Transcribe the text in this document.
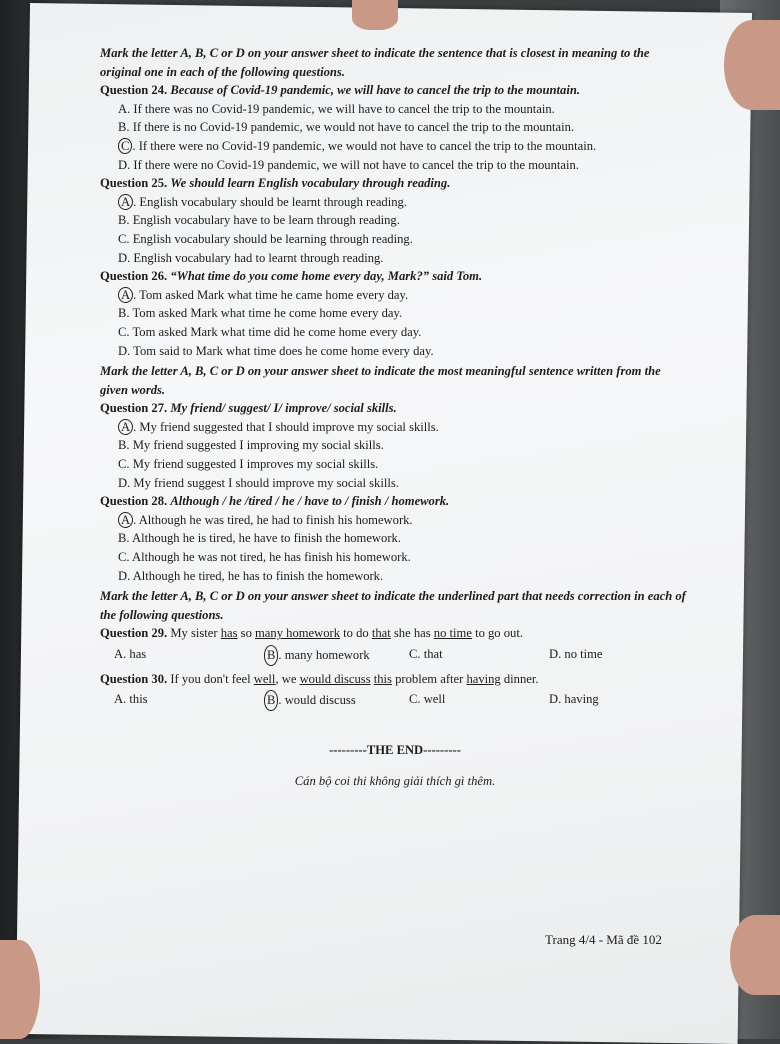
Mark the letter A, B, C or D on your answer sheet to indicate the sentence that is closest in meaning to the original one in each of the following questions.

Question 24. Because of Covid-19 pandemic, we will have to cancel the trip to the mountain.

A. If there was no Covid-19 pandemic, we will have to cancel the trip to the mountain.

B. If there is no Covid-19 pandemic, we would not have to cancel the trip to the mountain.

C . If there were no Covid-19 pandemic, we would not have to cancel the trip to the mountain.

D. If there were no Covid-19 pandemic, we will not have to cancel the trip to the mountain.

Question 25. We should learn English vocabulary through reading.

A . English vocabulary should be learnt through reading.

B. English vocabulary have to be learn through reading.

C. English vocabulary should be learning through reading.

D. English vocabulary had to learnt through reading.

Question 26. “What time do you come home every day, Mark?” said Tom.

A . Tom asked Mark what time he came home every day.

B. Tom asked Mark what time he come home every day.

C. Tom asked Mark what time did he come home every day.

D. Tom said to Mark what time does he come home every day.

Mark the letter A, B, C or D on your answer sheet to indicate the most meaningful sentence written from the given words.

Question 27. My friend/ suggest/ I/ improve/ social skills.

A . My friend suggested that I should improve my social skills.

B. My friend suggested I improving my social skills.

C. My friend suggested I improves my social skills.

D. My friend suggest I should improve my social skills.

Question 28. Although / he /tired / he / have to / finish / homework.

A . Although he was tired, he had to finish his homework.

B. Although he is tired, he have to finish the homework.

C. Although he was not tired, he has finish his homework.

D. Although he tired, he has to finish the homework.

Mark the letter A, B, C or D on your answer sheet to indicate the underlined part that needs correction in each of the following questions.

Question 29. My sister has so many homework to do that she has no time to go out.

A. has	B . many homework	C. that	D. no time

Question 30. If you don't feel well, we would discuss this problem after having dinner.

A. this	B . would discuss	C. well	D. having

---------THE END---------

Cán bộ coi thi không giải thích gì thêm.

Trang 4/4 - Mã đề 102
